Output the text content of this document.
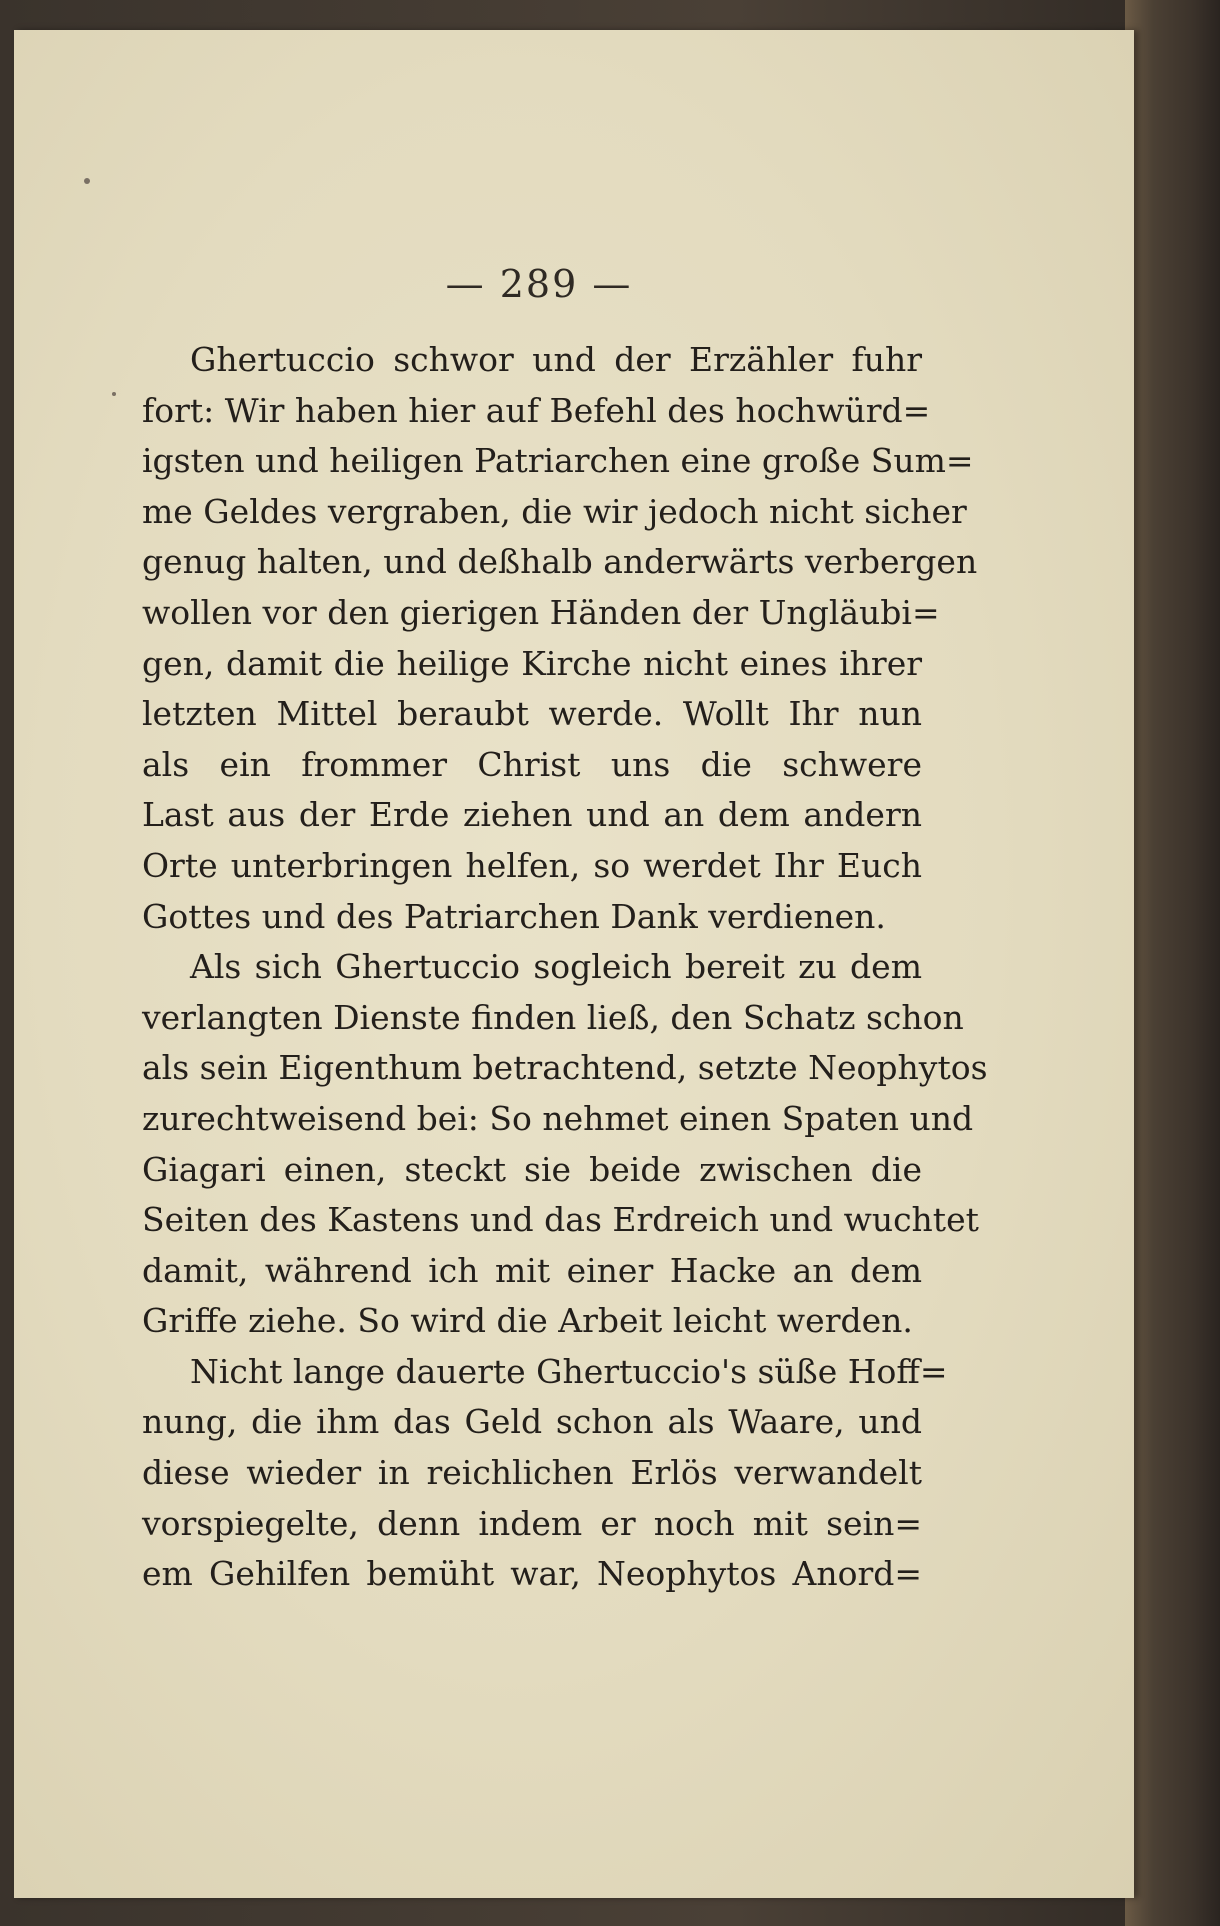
— 289 —
Ghertuccio schwor und der Erzähler fuhr
fort: Wir haben hier auf Befehl des hochwürd=
igsten und heiligen Patriarchen eine große Sum=
me Geldes vergraben, die wir jedoch nicht sicher
genug halten, und deßhalb anderwärts verbergen
wollen vor den gierigen Händen der Ungläubi=
gen, damit die heilige Kirche nicht eines ihrer
letzten Mittel beraubt werde. Wollt Ihr nun
als ein frommer Christ uns die schwere
Last aus der Erde ziehen und an dem andern
Orte unterbringen helfen, so werdet Ihr Euch
Gottes und des Patriarchen Dank verdienen.
Als sich Ghertuccio sogleich bereit zu dem
verlangten Dienste finden ließ, den Schatz schon
als sein Eigenthum betrachtend, setzte Neophytos
zurechtweisend bei: So nehmet einen Spaten und
Giagari einen, steckt sie beide zwischen die
Seiten des Kastens und das Erdreich und wuchtet
damit, während ich mit einer Hacke an dem
Griffe ziehe. So wird die Arbeit leicht werden.
Nicht lange dauerte Ghertuccio's süße Hoff=
nung, die ihm das Geld schon als Waare, und
diese wieder in reichlichen Erlös verwandelt
vorspiegelte, denn indem er noch mit sein=
em Gehilfen bemüht war, Neophytos Anord=
